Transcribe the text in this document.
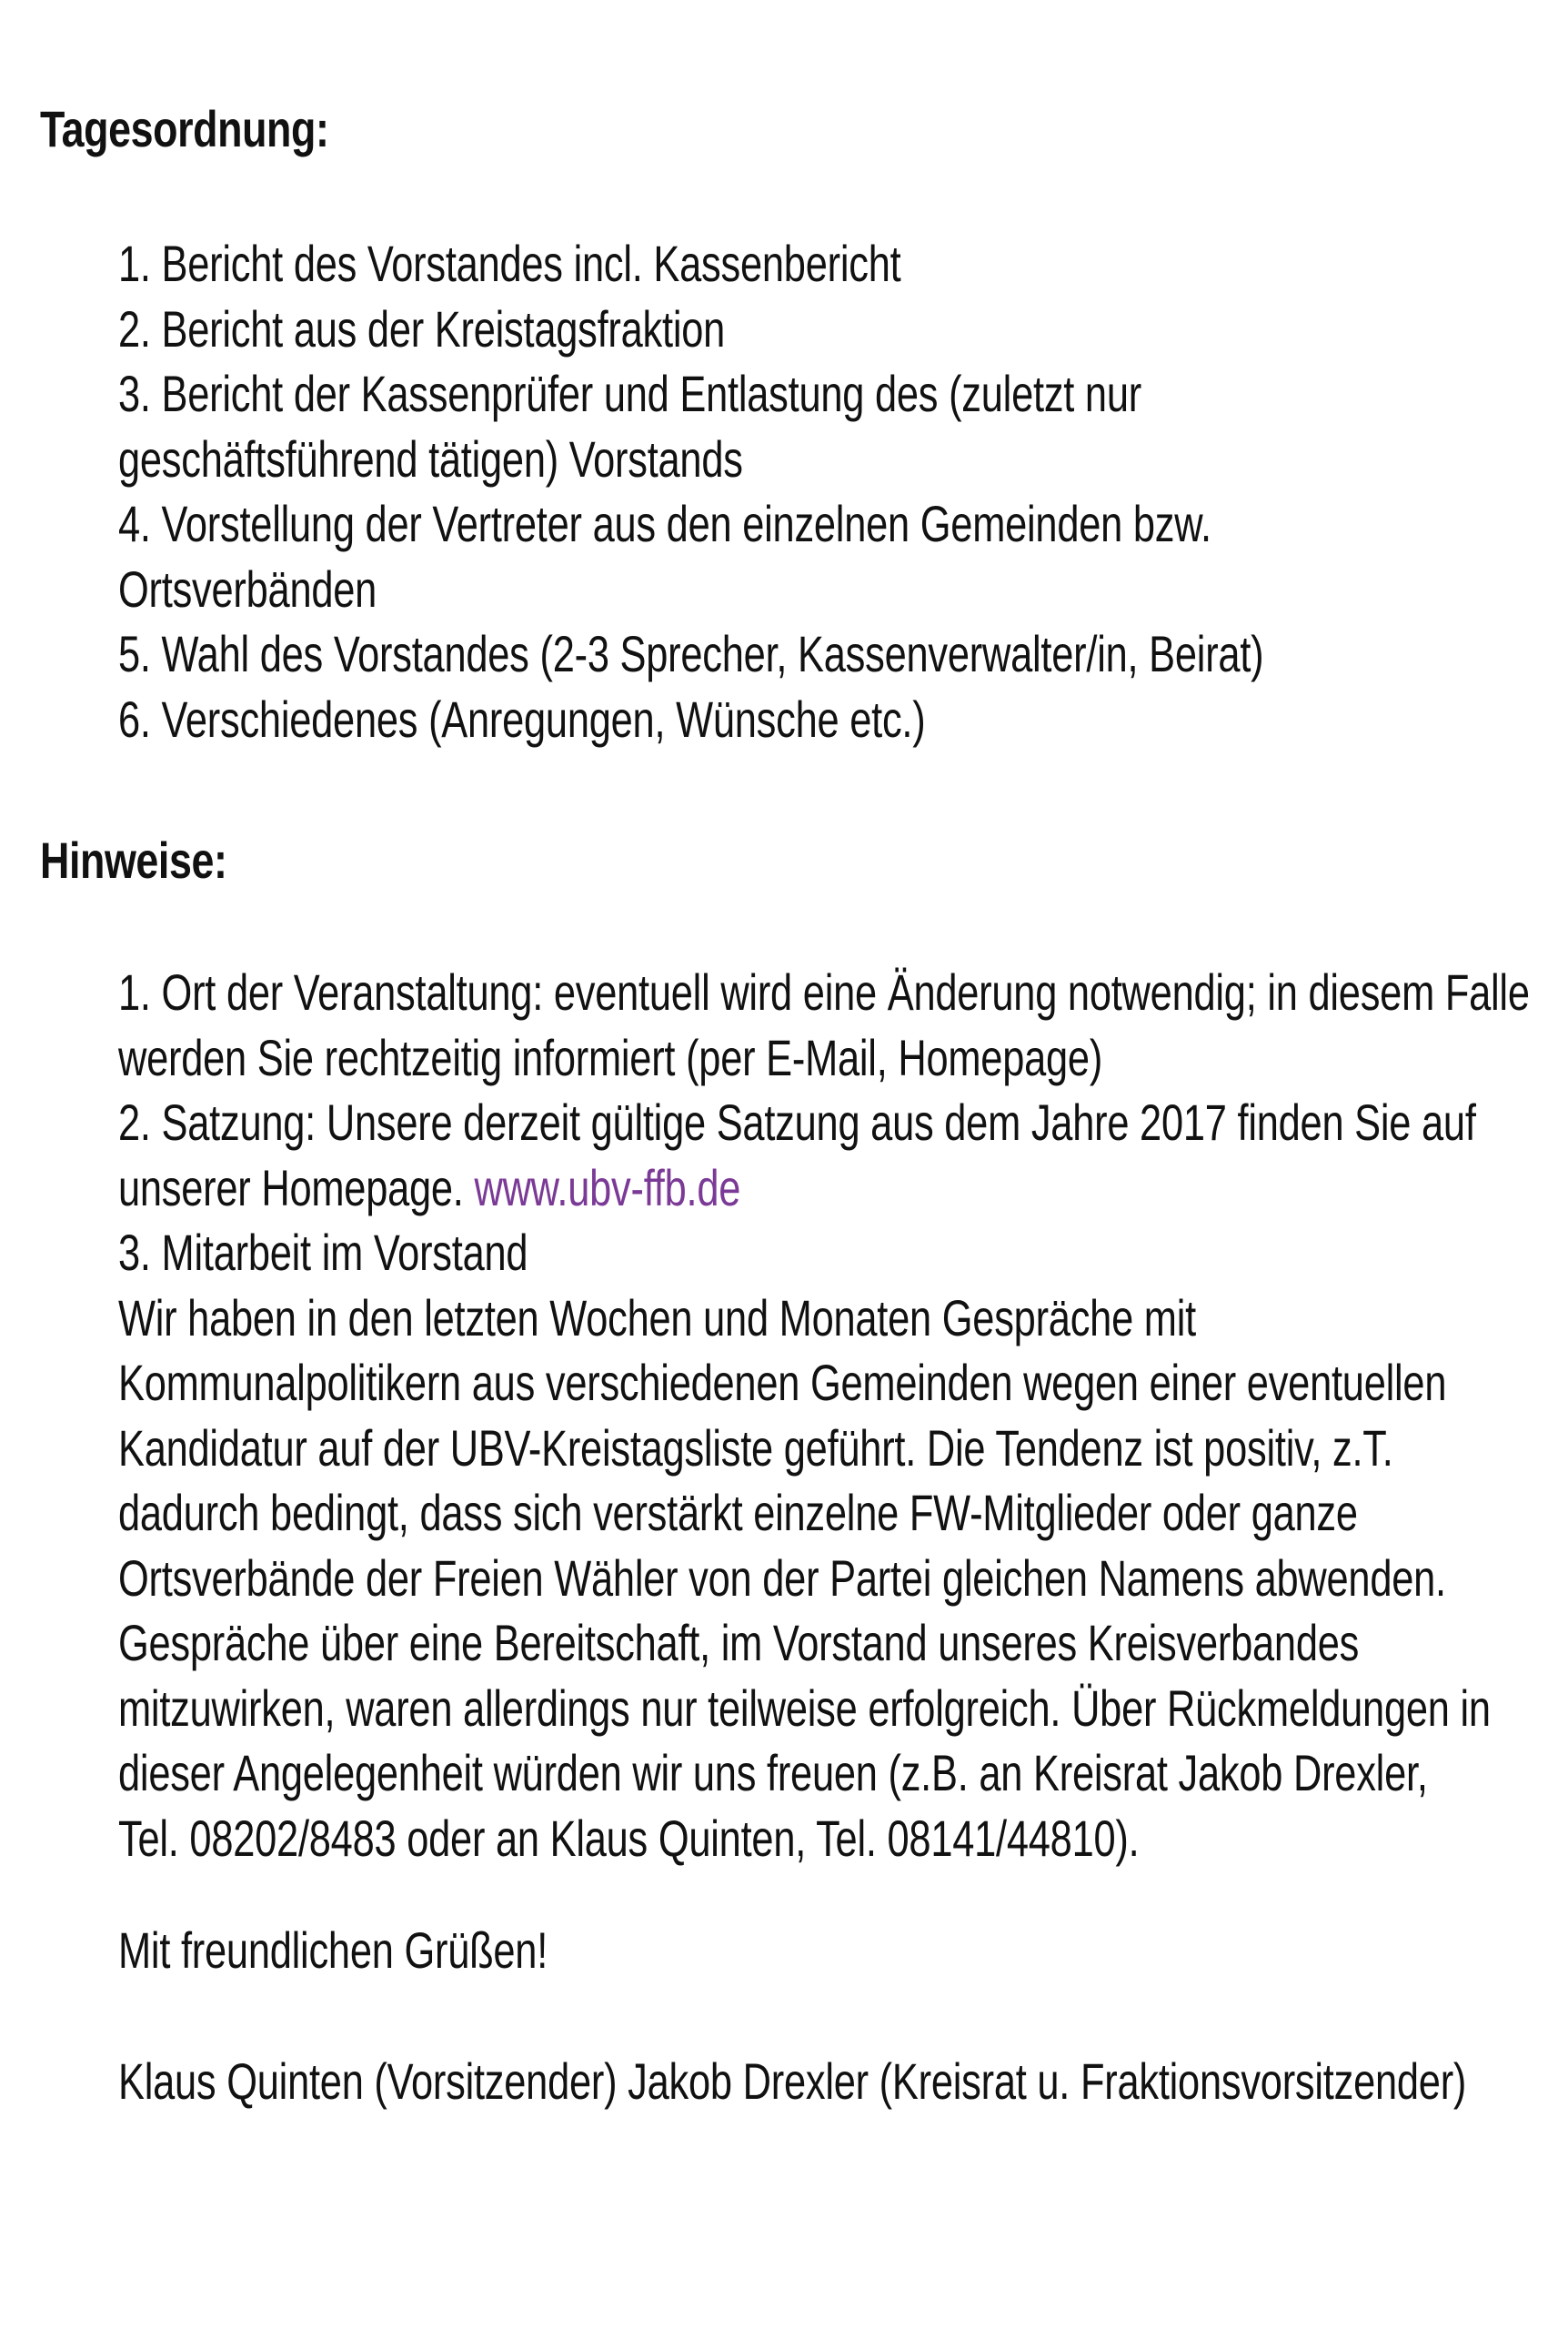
Tagesordnung:
1. Bericht des Vorstandes incl. Kassenbericht
2. Bericht aus der Kreistagsfraktion
3. Bericht der Kassenprüfer und Entlastung des (zuletzt nur
geschäftsführend tätigen) Vorstands
4. Vorstellung der Vertreter aus den einzelnen Gemeinden bzw.
Ortsverbänden
5. Wahl des Vorstandes (2-3 Sprecher, Kassenverwalter/in, Beirat)
6. Verschiedenes (Anregungen, Wünsche etc.)
Hinweise:
1. Ort der Veranstaltung: eventuell wird eine Änderung notwendig; in diesem Falle
werden Sie rechtzeitig informiert (per E-Mail, Homepage)
2. Satzung: Unsere derzeit gültige Satzung aus dem Jahre 2017 finden Sie auf
unserer Homepage. www.ubv-ffb.de
3. Mitarbeit im Vorstand
Wir haben in den letzten Wochen und Monaten Gespräche mit
Kommunalpolitikern aus verschiedenen Gemeinden wegen einer eventuellen
Kandidatur auf der UBV-Kreistagsliste geführt. Die Tendenz ist positiv, z.T.
dadurch bedingt, dass sich verstärkt einzelne FW-Mitglieder oder ganze
Ortsverbände der Freien Wähler von der Partei gleichen Namens abwenden.
Gespräche über eine Bereitschaft, im Vorstand unseres Kreisverbandes
mitzuwirken, waren allerdings nur teilweise erfolgreich. Über Rückmeldungen in
dieser Angelegenheit würden wir uns freuen (z.B. an Kreisrat Jakob Drexler,
Tel. 08202/8483 oder an Klaus Quinten, Tel. 08141/44810).
Mit freundlichen Grüßen!
Klaus Quinten (Vorsitzender) Jakob Drexler (Kreisrat u. Fraktionsvorsitzender)
